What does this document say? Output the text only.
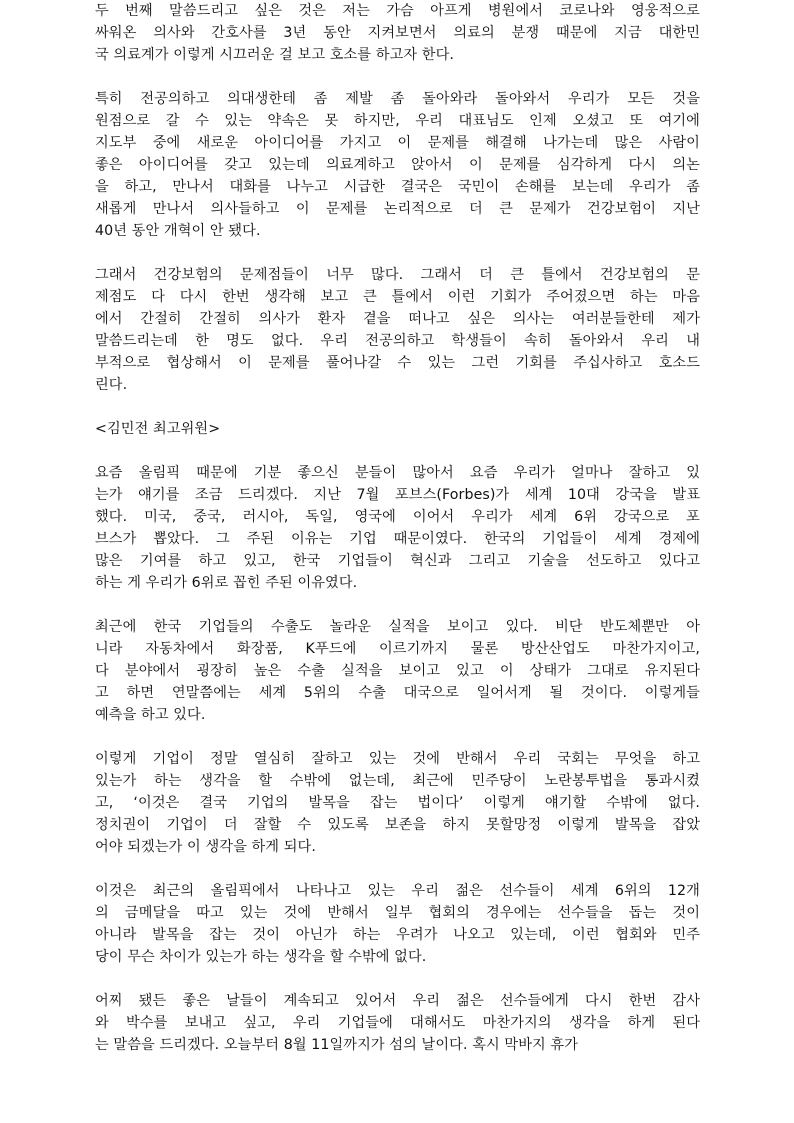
두 번째 말씀드리고 싶은 것은 저는 가슴 아프게 병원에서 코로나와 영웅적으로
싸워온 의사와 간호사를 3년 동안 지켜보면서 의료의 분쟁 때문에 지금 대한민
국 의료계가 이렇게 시끄러운 걸 보고 호소를 하고자 한다.
특히 전공의하고 의대생한테 좀 제발 좀 돌아와라 돌아와서 우리가 모든 것을
원점으로 갈 수 있는 약속은 못 하지만, 우리 대표님도 인제 오셨고 또 여기에
지도부 중에 새로운 아이디어를 가지고 이 문제를 해결해 나가는데 많은 사람이
좋은 아이디어를 갖고 있는데 의료계하고 앉아서 이 문제를 심각하게 다시 의논
을 하고, 만나서 대화를 나누고 시급한 결국은 국민이 손해를 보는데 우리가 좀
새롭게 만나서 의사들하고 이 문제를 논리적으로 더 큰 문제가 건강보험이 지난
40년 동안 개혁이 안 됐다.
그래서 건강보험의 문제점들이 너무 많다. 그래서 더 큰 틀에서 건강보험의 문
제점도 다 다시 한번 생각해 보고 큰 틀에서 이런 기회가 주어졌으면 하는 마음
에서 간절히 간절히 의사가 환자 곁을 떠나고 싶은 의사는 여러분들한테 제가
말씀드리는데 한 명도 없다. 우리 전공의하고 학생들이 속히 돌아와서 우리 내
부적으로 협상해서 이 문제를 풀어나갈 수 있는 그런 기회를 주십사하고 호소드
린다.
<김민전 최고위원>
요즘 올림픽 때문에 기분 좋으신 분들이 많아서 요즘 우리가 얼마나 잘하고 있
는가 얘기를 조금 드리겠다. 지난 7월 포브스(Forbes)가 세계 10대 강국을 발표
했다. 미국, 중국, 러시아, 독일, 영국에 이어서 우리가 세계 6위 강국으로 포
브스가 뽑았다. 그 주된 이유는 기업 때문이였다. 한국의 기업들이 세계 경제에
많은 기여를 하고 있고, 한국 기업들이 혁신과 그리고 기술을 선도하고 있다고
하는 게 우리가 6위로 꼽힌 주된 이유였다.
최근에 한국 기업들의 수출도 놀라운 실적을 보이고 있다. 비단 반도체뿐만 아
니라 자동차에서 화장품, K푸드에 이르기까지 물론 방산산업도 마찬가지이고,
다 분야에서 굉장히 높은 수출 실적을 보이고 있고 이 상태가 그대로 유지된다
고 하면 연말쯤에는 세계 5위의 수출 대국으로 일어서게 될 것이다. 이렇게들
예측을 하고 있다.
이렇게 기업이 정말 열심히 잘하고 있는 것에 반해서 우리 국회는 무엇을 하고
있는가 하는 생각을 할 수밖에 없는데, 최근에 민주당이 노란봉투법을 통과시켰
고, ‘이것은 결국 기업의 발목을 잡는 법이다’ 이렇게 얘기할 수밖에 없다.
정치권이 기업이 더 잘할 수 있도록 보존을 하지 못할망정 이렇게 발목을 잡았
어야 되겠는가 이 생각을 하게 되다.
이것은 최근의 올림픽에서 나타나고 있는 우리 젊은 선수들이 세계 6위의 12개
의 금메달을 따고 있는 것에 반해서 일부 협회의 경우에는 선수들을 돕는 것이
아니라 발목을 잡는 것이 아닌가 하는 우려가 나오고 있는데, 이런 협회와 민주
당이 무슨 차이가 있는가 하는 생각을 할 수밖에 없다.
어찌 됐든 좋은 날들이 계속되고 있어서 우리 젊은 선수들에게 다시 한번 감사
와 박수를 보내고 싶고, 우리 기업들에 대해서도 마찬가지의 생각을 하게 된다
는 말씀을 드리겠다. 오늘부터 8월 11일까지가 섬의 날이다. 혹시 막바지 휴가
